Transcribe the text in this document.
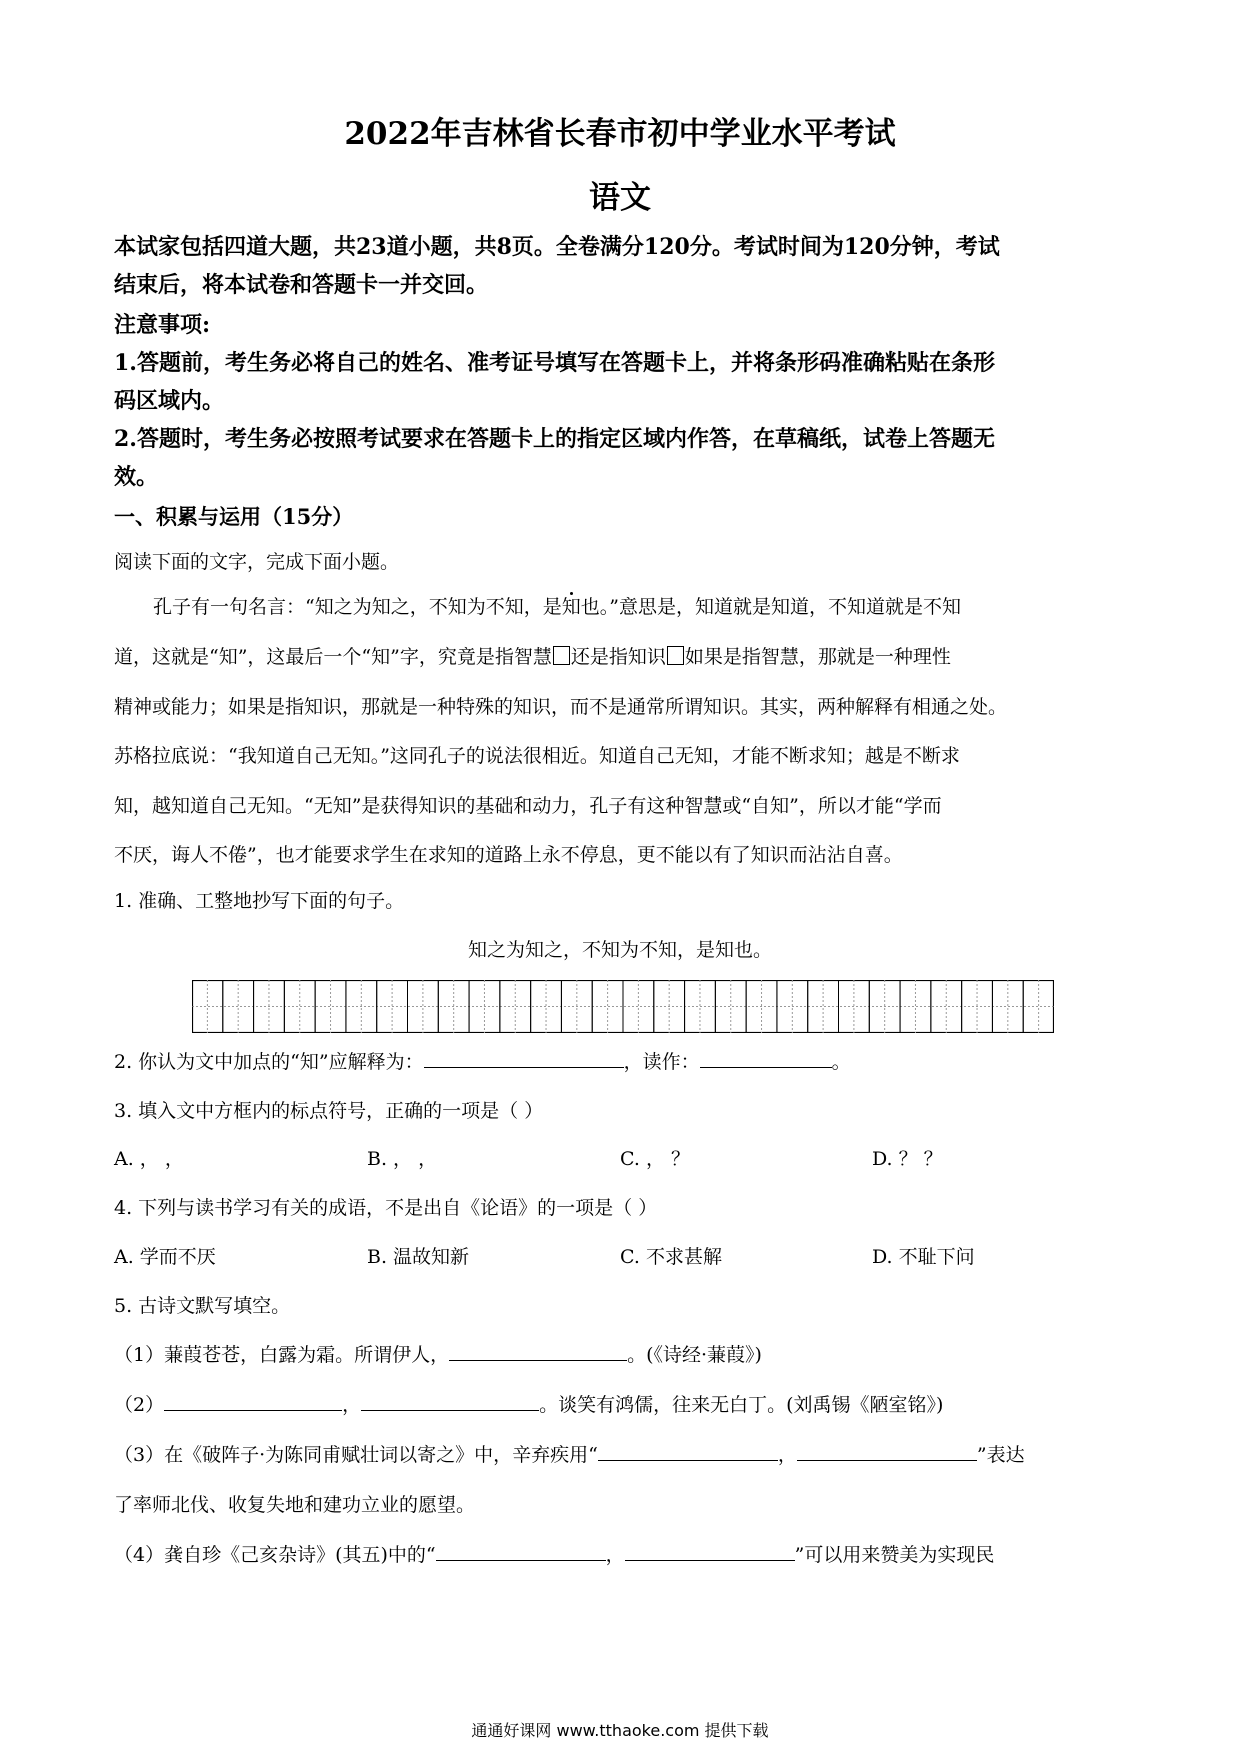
2022年吉林省长春市初中学业水平考试
语文
本试家包括四道大题，共23道小题，共8页。全卷满分120分。考试时间为120分钟，考试
结束后，将本试卷和答题卡一并交回。
注意事项:
1.答题前，考生务必将自己的姓名、准考证号填写在答题卡上，并将条形码准确粘贴在条形
码区域内。
2.答题时，考生务必按照考试要求在答题卡上的指定区域内作答，在草稿纸，试卷上答题无
效。
一、积累与运用（15分）
阅读下面的文字，完成下面小题。
孔子有一句名言：“知之为知之，不知为不知，是知也。”意思是，知道就是知道，不知道就是不知
道，这就是“知”，这最后一个“知”字，究竟是指智慧 还是指知识 如果是指智慧，那就是一种理性
精神或能力；如果是指知识，那就是一种特殊的知识，而不是通常所谓知识。其实，两种解释有相通之处。
苏格拉底说：“我知道自己无知。”这同孔子的说法很相近。知道自己无知，才能不断求知；越是不断求
知，越知道自己无知。“无知”是获得知识的基础和动力，孔子有这种智慧或“自知”，所以才能“学而
不厌，诲人不倦”，也才能要求学生在求知的道路上永不停息，更不能以有了知识而沾沾自喜。
1. 准确、工整地抄写下面的句子。
知之为知之，不知为不知，是知也。
2. 你认为文中加点的“知”应解释为：	，读作：	。
3. 填入文中方框内的标点符号，正确的一项是（ ）
A. ， ，	B. ， ，	C. ， ？	D. ？ ？
4. 下列与读书学习有关的成语，不是出自《论语》的一项是（ ）
A. 学而不厌	B. 温故知新	C. 不求甚解	D. 不耻下问
5. 古诗文默写填空。
（1）蒹葭苍苍，白露为霜。所谓伊人，	。(《诗经·蒹葭》)
（2）	，	。谈笑有鸿儒，往来无白丁。(刘禹锡《陋室铭》)
（3）在《破阵子·为陈同甫赋壮词以寄之》中，辛弃疾用“	，	”表达
了率师北伐、收复失地和建功立业的愿望。
（4）龚自珍《己亥杂诗》(其五)中的“	，	”可以用来赞美为实现民
通通好课网 www.tthaoke.com 提供下载
